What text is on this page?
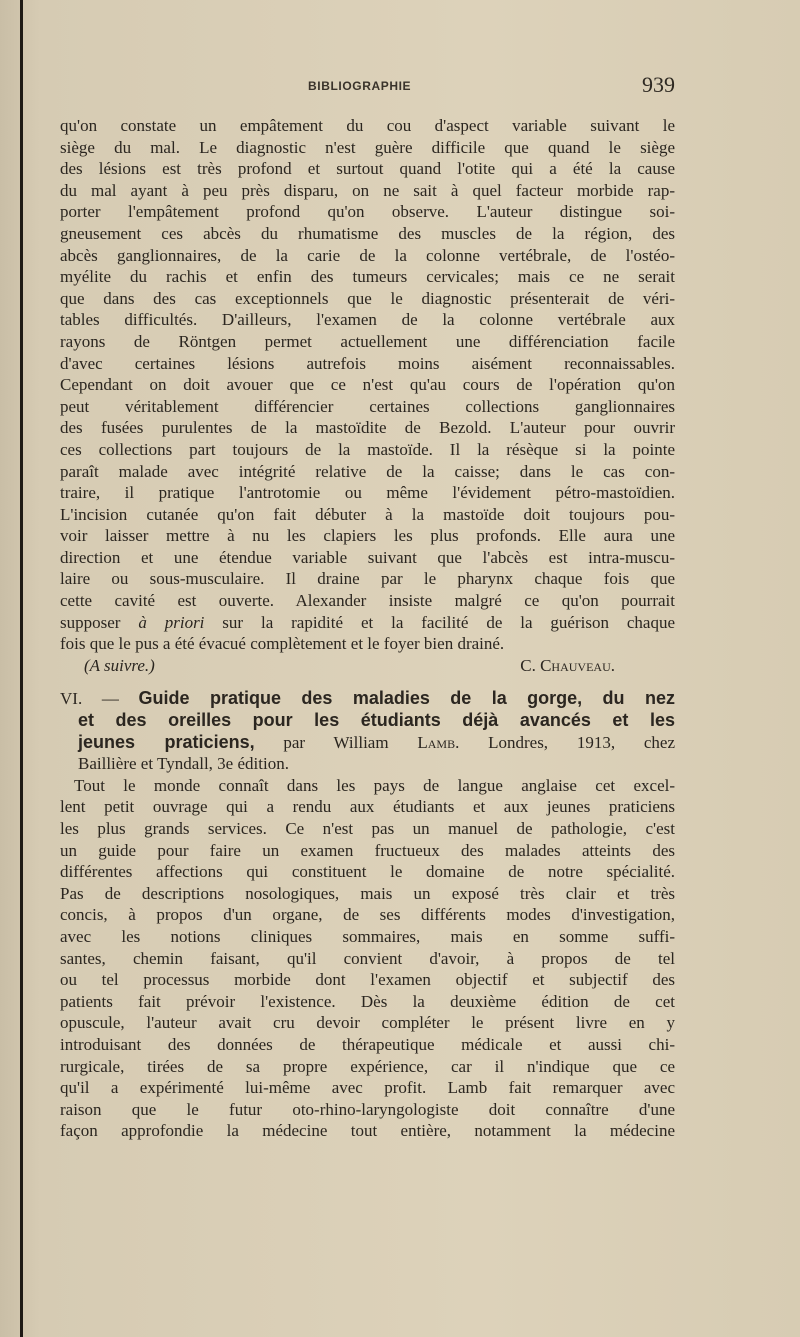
BIBLIOGRAPHIE	939
qu'on constate un empâtement du cou d'aspect variable suivant le
siège du mal. Le diagnostic n'est guère difficile que quand le siège
des lésions est très profond et surtout quand l'otite qui a été la cause
du mal ayant à peu près disparu, on ne sait à quel facteur morbide rap-
porter l'empâtement profond qu'on observe. L'auteur distingue soi-
gneusement ces abcès du rhumatisme des muscles de la région, des
abcès ganglionnaires, de la carie de la colonne vertébrale, de l'ostéo-
myélite du rachis et enfin des tumeurs cervicales; mais ce ne serait
que dans des cas exceptionnels que le diagnostic présenterait de véri-
tables difficultés. D'ailleurs, l'examen de la colonne vertébrale aux
rayons de Röntgen permet actuellement une différenciation facile
d'avec certaines lésions autrefois moins aisément reconnaissables.
Cependant on doit avouer que ce n'est qu'au cours de l'opération qu'on
peut véritablement différencier certaines collections ganglionnaires
des fusées purulentes de la mastoïdite de Bezold. L'auteur pour ouvrir
ces collections part toujours de la mastoïde. Il la résèque si la pointe
paraît malade avec intégrité relative de la caisse; dans le cas con-
traire, il pratique l'antrotomie ou même l'évidement pétro-mastoïdien.
L'incision cutanée qu'on fait débuter à la mastoïde doit toujours pou-
voir laisser mettre à nu les clapiers les plus profonds. Elle aura une
direction et une étendue variable suivant que l'abcès est intra-muscu-
laire ou sous-musculaire. Il draine par le pharynx chaque fois que
cette cavité est ouverte. Alexander insiste malgré ce qu'on pourrait
supposer à priori sur la rapidité et la facilité de la guérison chaque
fois que le pus a été évacué complètement et le foyer bien drainé.
(A suivre.)	C. Chauveau.
VI. — Guide pratique des maladies de la gorge, du nez
et des oreilles pour les étudiants déjà avancés et les
jeunes praticiens, par William Lamb. Londres, 1913, chez
Baillière et Tyndall, 3e édition.
Tout le monde connaît dans les pays de langue anglaise cet excel-
lent petit ouvrage qui a rendu aux étudiants et aux jeunes praticiens
les plus grands services. Ce n'est pas un manuel de pathologie, c'est
un guide pour faire un examen fructueux des malades atteints des
différentes affections qui constituent le domaine de notre spécialité.
Pas de descriptions nosologiques, mais un exposé très clair et très
concis, à propos d'un organe, de ses différents modes d'investigation,
avec les notions cliniques sommaires, mais en somme suffi-
santes, chemin faisant, qu'il convient d'avoir, à propos de tel
ou tel processus morbide dont l'examen objectif et subjectif des
patients fait prévoir l'existence. Dès la deuxième édition de cet
opuscule, l'auteur avait cru devoir compléter le présent livre en y
introduisant des données de thérapeutique médicale et aussi chi-
rurgicale, tirées de sa propre expérience, car il n'indique que ce
qu'il a expérimenté lui-même avec profit. Lamb fait remarquer avec
raison que le futur oto-rhino-laryngologiste doit connaître d'une
façon approfondie la médecine tout entière, notamment la médecine
